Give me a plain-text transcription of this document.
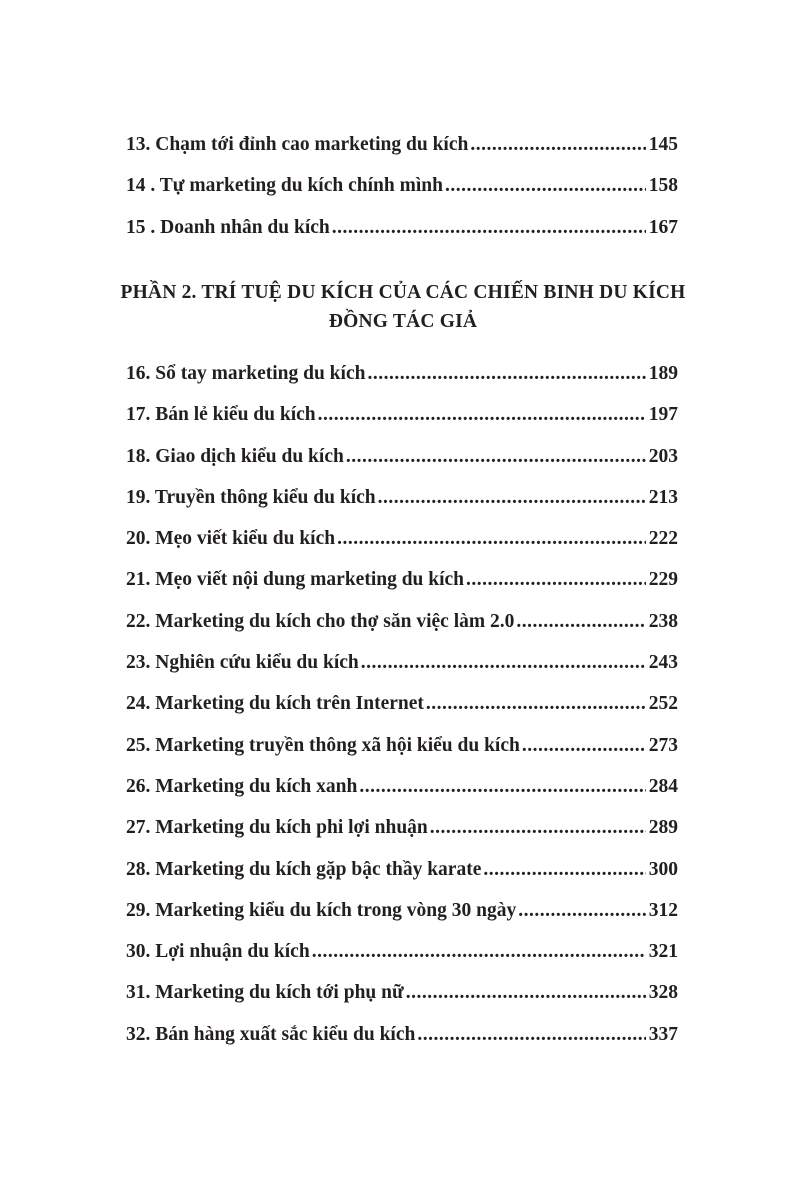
13. Chạm tới đỉnh cao marketing du kích .....	145
14 . Tự marketing du kích chính mình .....	158
15 . Doanh nhân du kích .....	167
PHẦN 2. TRÍ TUỆ DU KÍCH CỦA CÁC CHIẾN BINH DU KÍCH ĐỒNG TÁC GIẢ
16. Sổ tay marketing du kích .....	189
17. Bán lẻ kiểu du kích .....	197
18. Giao dịch kiểu du kích .....	203
19. Truyền thông kiểu du kích .....	213
20. Mẹo viết kiểu du kích .....	222
21. Mẹo viết nội dung marketing du kích .....	229
22. Marketing du kích cho thợ săn việc làm 2.0 .....	238
23. Nghiên cứu kiểu du kích .....	243
24. Marketing du kích trên Internet .....	252
25. Marketing truyền thông xã hội kiểu du kích .....	273
26. Marketing du kích xanh .....	284
27. Marketing du kích phi lợi nhuận .....	289
28. Marketing du kích gặp bậc thầy karate .....	300
29. Marketing kiểu du kích trong vòng 30 ngày .....	312
30. Lợi nhuận du kích .....	321
31. Marketing du kích tới phụ nữ .....	328
32. Bán hàng xuất sắc kiểu du kích .....	337
